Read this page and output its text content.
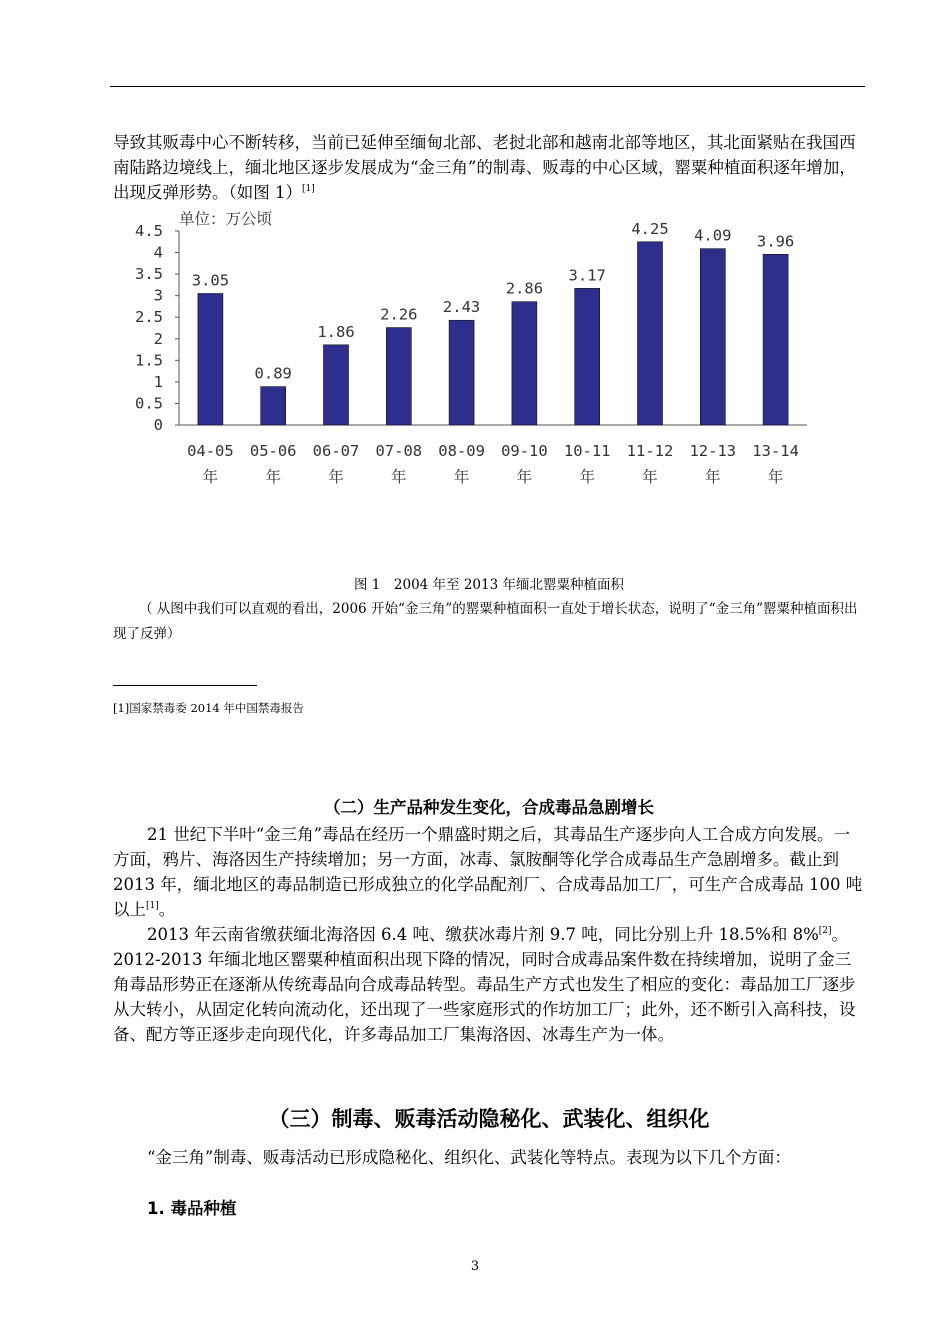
导致其贩毒中心不断转移，当前已延伸至缅甸北部、老挝北部和越南北部等地区，其北面紧贴在我国西南陆路边境线上，缅北地区逐步发展成为“金三角”的制毒、贩毒的中心区域，罂粟种植面积逐年增加，出现反弹形势。（如图 1）[1]

0
0.5
1
1.5
2
2.5
3
3.5
4
4.5
单位：万公顷
3.05
04-05
年
0.89
05-06
年
1.86
06-07
年
2.26
07-08
年
2.43
08-09
年
2.86
09-10
年
3.17
10-11
年
4.25
11-12
年
4.09
12-13
年
3.96
13-14
年
图 1　2004 年至 2013 年缅北罂粟种植面积

（ 从图中我们可以直观的看出，2006 开始“金三角”的罂粟种植面积一直处于增长状态，说明了“金三角”罂粟种植面积出现了反弹）

[1]国家禁毒委 2014 年中国禁毒报告
（二）生产品种发生变化，合成毒品急剧增长

21 世纪下半叶“金三角”毒品在经历一个鼎盛时期之后，其毒品生产逐步向人工合成方向发展。一方面，鸦片、海洛因生产持续增加；另一方面，冰毒、氯胺酮等化学合成毒品生产急剧增多。截止到 2013 年，缅北地区的毒品制造已形成独立的化学品配剂厂、合成毒品加工厂，可生产合成毒品 100 吨以上[1]。

2013 年云南省缴获缅北海洛因 6.4 吨、缴获冰毒片剂 9.7 吨，同比分别上升 18.5%和 8%[2]。2012-2013 年缅北地区罂粟种植面积出现下降的情况，同时合成毒品案件数在持续增加，说明了金三角毒品形势正在逐渐从传统毒品向合成毒品转型。毒品生产方式也发生了相应的变化：毒品加工厂逐步从大转小，从固定化转向流动化，还出现了一些家庭形式的作坊加工厂；此外，还不断引入高科技，设备、配方等正逐步走向现代化，许多毒品加工厂集海洛因、冰毒生产为一体。

（三）制毒、贩毒活动隐秘化、武装化、组织化

“金三角”制毒、贩毒活动已形成隐秘化、组织化、武装化等特点。表现为以下几个方面：

1. 毒品种植
3
